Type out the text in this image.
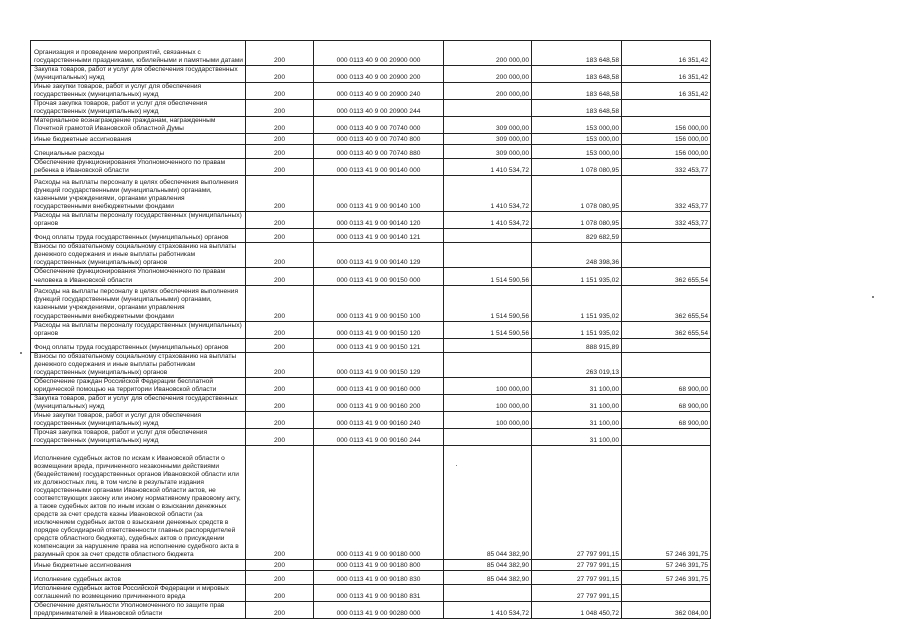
Организация и проведение мероприятий, связанных с государственными праздниками, юбилейными и памятными датами	200	000 0113 40 9 00 20900 000	200 000,00	183 648,58	16 351,42
Закупка товаров, работ и услуг для обеспечения государственных (муниципальных) нужд	200	000 0113 40 9 00 20900 200	200 000,00	183 648,58	16 351,42
Иные закупки товаров, работ и услуг для обеспечения государственных (муниципальных) нужд	200	000 0113 40 9 00 20900 240	200 000,00	183 648,58	16 351,42
Прочая закупка товаров, работ и услуг для обеспечения государственных (муниципальных) нужд	200	000 0113 40 9 00 20900 244		183 648,58	
Материальное вознаграждение гражданам, награжденным Почетной грамотой Ивановской областной Думы	200	000 0113 40 9 00 70740 000	309 000,00	153 000,00	156 000,00
Иные бюджетные ассигнования	200	000 0113 40 9 00 70740 800	309 000,00	153 000,00	156 000,00
Специальные расходы	200	000 0113 40 9 00 70740 880	309 000,00	153 000,00	156 000,00
Обеспечение функционирования Уполномоченного по правам ребенка в Ивановской области	200	000 0113 41 9 00 90140 000	1 410 534,72	1 078 080,95	332 453,77
Расходы на выплаты персоналу в целях обеспечения выполнения функций государственными (муниципальными) органами, казенными учреждениями, органами управления государственными внебюджетными фондами	200	000 0113 41 9 00 90140 100	1 410 534,72	1 078 080,95	332 453,77
Расходы на выплаты персоналу государственных (муниципальных) органов	200	000 0113 41 9 00 90140 120	1 410 534,72	1 078 080,95	332 453,77
Фонд оплаты труда государственных (муниципальных) органов	200	000 0113 41 9 00 90140 121		829 682,59	
Взносы по обязательному социальному страхованию на выплаты денежного содержания и иные выплаты работникам государственных (муниципальных) органов	200	000 0113 41 9 00 90140 129		248 398,36	
Обеспечение функционирования Уполномоченного по правам человека в Ивановской области	200	000 0113 41 9 00 90150 000	1 514 590,56	1 151 935,02	362 655,54
Расходы на выплаты персоналу в целях обеспечения выполнения функций государственными (муниципальными) органами, казенными учреждениями, органами управления государственными внебюджетными фондами	200	000 0113 41 9 00 90150 100	1 514 590,56	1 151 935,02	362 655,54
Расходы на выплаты персоналу государственных (муниципальных) органов	200	000 0113 41 9 00 90150 120	1 514 590,56	1 151 935,02	362 655,54
Фонд оплаты труда государственных (муниципальных) органов	200	000 0113 41 9 00 90150 121		888 915,89	
Взносы по обязательному социальному страхованию на выплаты денежного содержания и иные выплаты работникам государственных (муниципальных) органов	200	000 0113 41 9 00 90150 129		263 019,13	
Обеспечение граждан Российской Федерации бесплатной юридической помощью на территории Ивановской области	200	000 0113 41 9 00 90160 000	100 000,00	31 100,00	68 900,00
Закупка товаров, работ и услуг для обеспечения государственных (муниципальных) нужд	200	000 0113 41 9 00 90160 200	100 000,00	31 100,00	68 900,00
Иные закупки товаров, работ и услуг для обеспечения государственных (муниципальных) нужд	200	000 0113 41 9 00 90160 240	100 000,00	31 100,00	68 900,00
Прочая закупка товаров, работ и услуг для обеспечения государственных (муниципальных) нужд	200	000 0113 41 9 00 90160 244		31 100,00	
Исполнение судебных актов по искам к Ивановской области о возмещении вреда, причиненного незаконными действиями (бездействием) государственных органов Ивановской области или их должностных лиц, в том числе в результате издания государственными органами Ивановской области актов, не соответствующих закону или иному нормативному правовому акту, а также судебных актов по иным искам о взыскании денежных средств за счет средств казны Ивановской области (за исключением судебных актов о взыскании денежных средств в порядке субсидиарной ответственности главных распорядителей средств областного бюджета), судебных актов о присуждении компенсации за нарушение права на исполнение судебного акта в разумный срок за счет средств областного бюджета	200	000 0113 41 9 00 90180 000	85 044 382,90	27 797 991,15	57 246 391,75
Иные бюджетные ассигнования	200	000 0113 41 9 00 90180 800	85 044 382,90	27 797 991,15	57 246 391,75
Исполнение судебных актов	200	000 0113 41 9 00 90180 830	85 044 382,90	27 797 991,15	57 246 391,75
Исполнение судебных актов Российской Федерации и мировых соглашений по возмещению причиненного вреда	200	000 0113 41 9 00 90180 831		27 797 991,15	
Обеспечение деятельности Уполномоченного по защите прав предпринимателей в Ивановской области	200	000 0113 41 9 00 90280 000	1 410 534,72	1 048 450,72	362 084,00
